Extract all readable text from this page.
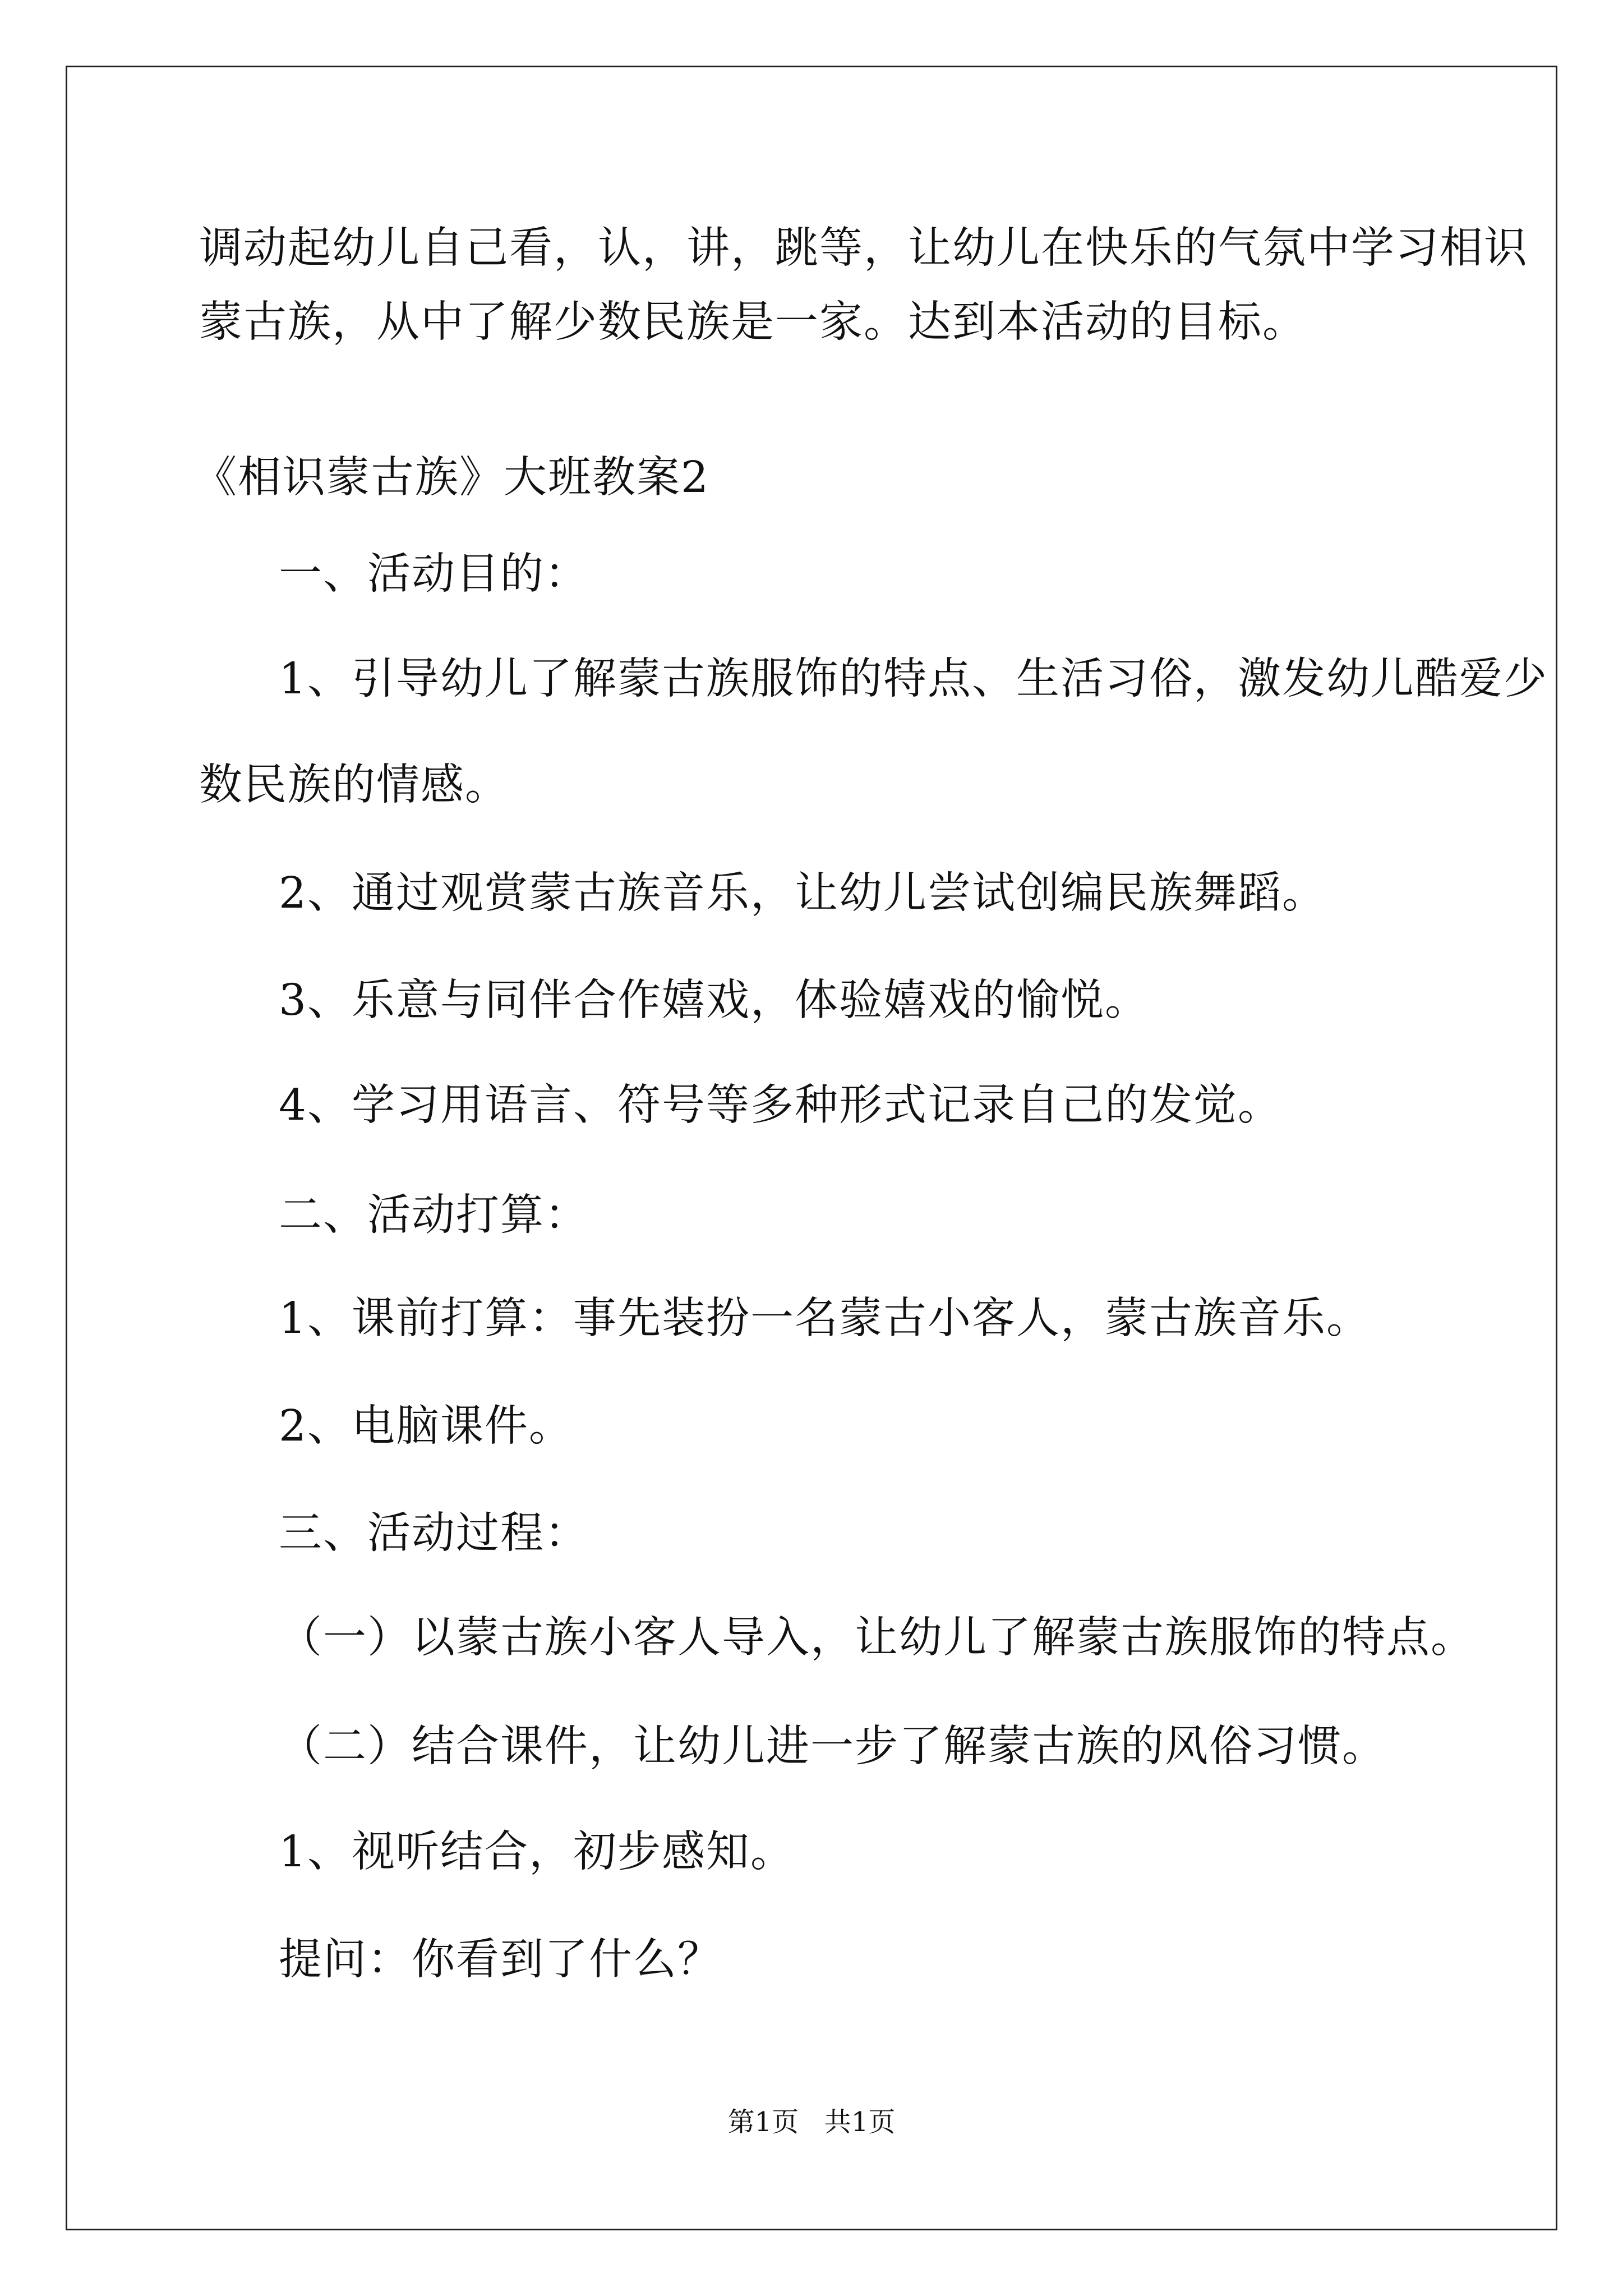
调动起幼儿自己看，认，讲，跳等，让幼儿在快乐的气氛中学习相识
蒙古族，从中了解少数民族是一家。达到本活动的目标。
《相识蒙古族》大班教案2
一、活动目的：
1、引导幼儿了解蒙古族服饰的特点、生活习俗，激发幼儿酷爱少
数民族的情感。
2、通过观赏蒙古族音乐，让幼儿尝试创编民族舞蹈。
3、乐意与同伴合作嬉戏，体验嬉戏的愉悦。
4、学习用语言、符号等多种形式记录自己的发觉。
二、活动打算：
1、课前打算：事先装扮一名蒙古小客人，蒙古族音乐。
2、电脑课件。
三、活动过程：
（一）以蒙古族小客人导入，让幼儿了解蒙古族服饰的特点。
（二）结合课件，让幼儿进一步了解蒙古族的风俗习惯。
1、视听结合，初步感知。
提问：你看到了什么？
第1页   共1页
